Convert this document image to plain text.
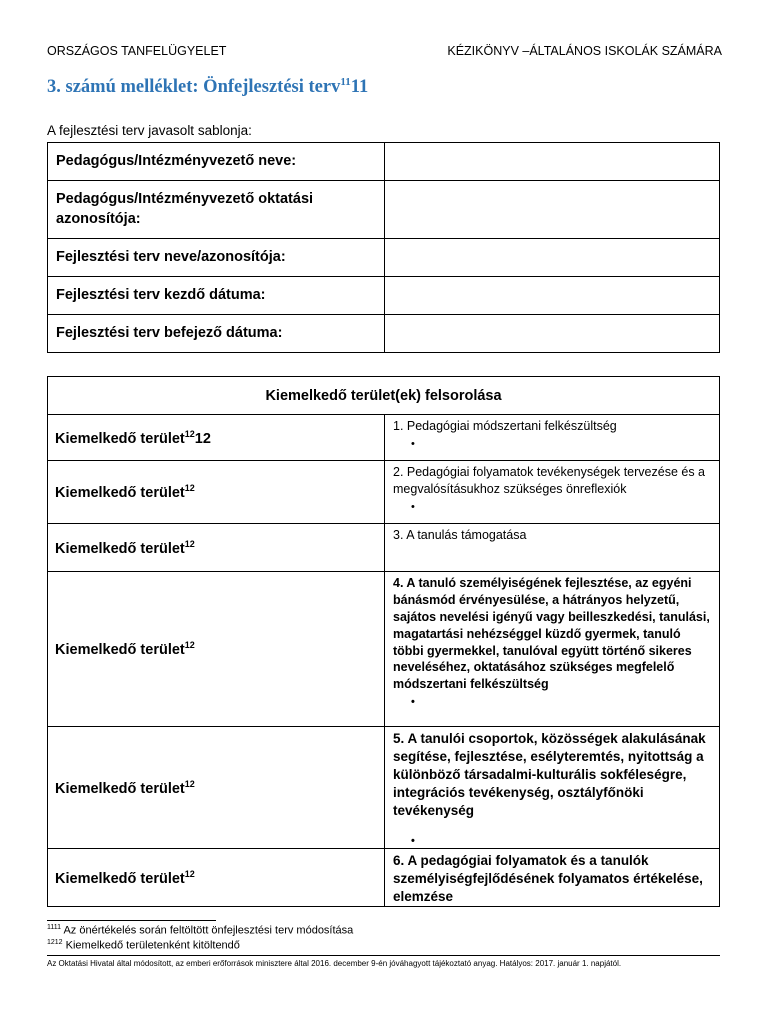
ORSZÁGOS TANFELÜGYELET	KÉZIKÖNYV –ÁLTALÁNOS ISKOLÁK SZÁMÁRA
3. számú melléklet: Önfejlesztési terv$^{11}$11
A fejlesztési terv javasolt sablonja:
Pedagógus/Intézményvezető neve:	
Pedagógus/Intézményvezető oktatási azonosítója:	
Fejlesztési terv neve/azonosítója:	
Fejlesztési terv kezdő dátuma:	
Fejlesztési terv befejező dátuma:	
Kiemelkedő terület(ek) felsorolása	
Kiemelkedő terület$^{12}$12	1. Pedagógiai módszertani felkészültség
•

Kiemelkedő terület$^{12}$	2. Pedagógiai folyamatok tevékenységek tervezése és a megvalósításukhoz szükséges önreflexiók
•

Kiemelkedő terület$^{12}$	3. A tanulás támogatása
Kiemelkedő terület$^{12}$	4. A tanuló személyiségének fejlesztése, az egyéni bánásmód érvényesülése, a hátrányos helyzetű, sajátos nevelési igényű vagy beilleszkedési, tanulási, magatartási nehézséggel küzdő gyermek, tanuló többi gyermekkel, tanulóval együtt történő sikeres neveléséhez, oktatásához szükséges megfelelő módszertani felkészültség
•

Kiemelkedő terület$^{12}$	5. A tanulói csoportok, közösségek alakulásának segítése, fejlesztése, esélyteremtés, nyitottság a különböző társadalmi-kulturális sokféleségre, integrációs tevékenység, osztályfőnöki tevékenység
•

Kiemelkedő terület$^{12}$	6. A pedagógiai folyamatok és a tanulók személyiségfejlődésének folyamatos értékelése, elemzése
$^{1111}$ Az önértékelés során feltöltött önfejlesztési terv módosítása
$^{1212}$ Kiemelkedő területenként kitöltendő
Az Oktatási Hivatal által módosított, az emberi erőforrások minisztere által 2016. december 9-én jóváhagyott tájékoztató anyag. Hatályos: 2017. január 1. napjától.
